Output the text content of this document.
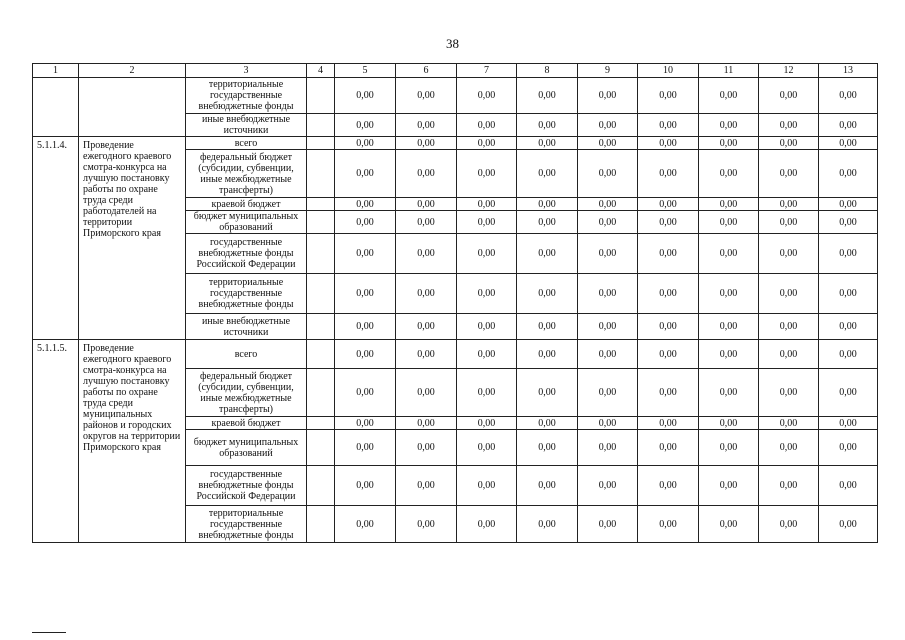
38
1	2	3	4	5	6	7	8	9	10	11	12	13
		территориальные государственные внебюджетные фонды		0,00	0,00	0,00	0,00	0,00	0,00	0,00	0,00	0,00
		иные внебюджетные источники		0,00	0,00	0,00	0,00	0,00	0,00	0,00	0,00	0,00
5.1.1.4.	Проведение ежегодного краевого смотра-конкурса на лучшую постановку работы по охране труда среди работодателей на территории Приморского края	всего		0,00	0,00	0,00	0,00	0,00	0,00	0,00	0,00	0,00
		федеральный бюджет (субсидии, субвенции, иные межбюджетные трансферты)		0,00	0,00	0,00	0,00	0,00	0,00	0,00	0,00	0,00
		краевой бюджет		0,00	0,00	0,00	0,00	0,00	0,00	0,00	0,00	0,00
		бюджет муниципальных образований		0,00	0,00	0,00	0,00	0,00	0,00	0,00	0,00	0,00
		государственные внебюджетные фонды Российской Федерации		0,00	0,00	0,00	0,00	0,00	0,00	0,00	0,00	0,00
		территориальные государственные внебюджетные фонды		0,00	0,00	0,00	0,00	0,00	0,00	0,00	0,00	0,00
		иные внебюджетные источники		0,00	0,00	0,00	0,00	0,00	0,00	0,00	0,00	0,00
5.1.1.5.	Проведение ежегодного краевого смотра-конкурса на лучшую постановку работы по охране труда среди муниципальных районов и городских округов на территории Приморского края	всего		0,00	0,00	0,00	0,00	0,00	0,00	0,00	0,00	0,00
		федеральный бюджет (субсидии, субвенции, иные межбюджетные трансферты)		0,00	0,00	0,00	0,00	0,00	0,00	0,00	0,00	0,00
		краевой бюджет		0,00	0,00	0,00	0,00	0,00	0,00	0,00	0,00	0,00
		бюджет муниципальных образований		0,00	0,00	0,00	0,00	0,00	0,00	0,00	0,00	0,00
		государственные внебюджетные фонды Российской Федерации		0,00	0,00	0,00	0,00	0,00	0,00	0,00	0,00	0,00
		территориальные государственные внебюджетные фонды		0,00	0,00	0,00	0,00	0,00	0,00	0,00	0,00	0,00
